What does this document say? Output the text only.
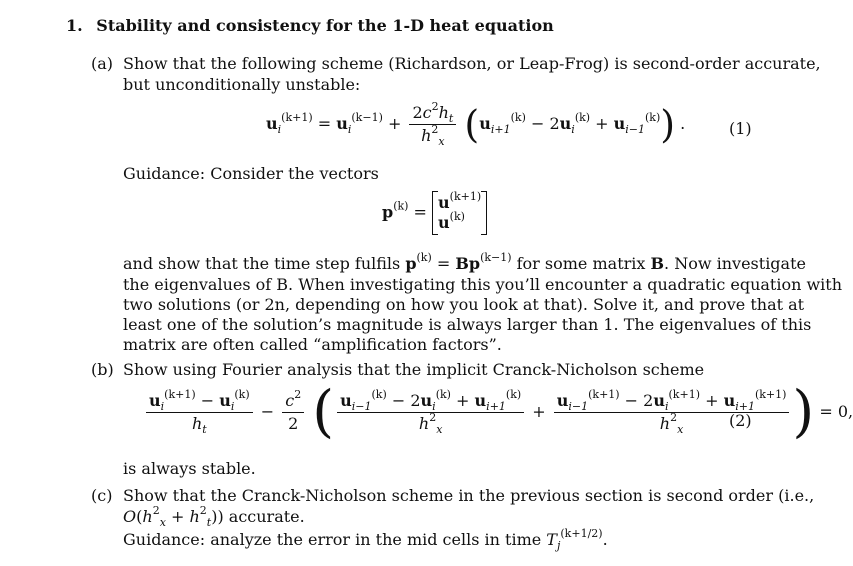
1. Stability and consistency for the 1-D heat equation
(a) Show that the following scheme (Richardson, or Leap-Frog) is second-order accurate,
but unconditionally unstable:
$u_i^{(k+1)} = u_i^{(k-1)} + \frac{2c^2h_t}{h^2_x} (u_{i+1}^{(k)} - 2u_i^{(k)} + u_{i-1}^{(k)})$ .	(1)
Guidance: Consider the vectors
$p^{(k)} = u^{(k+1)}$
$u^{(k)}$
and show that the time step fulfils $p^{(k)} = Bp^{(k-1)}$ for some matrix B. Now investigate
the eigenvalues of B. When investigating this you’ll encounter a quadratic equation with
two solutions (or 2n, depending on how you look at that). Solve it, and prove that at
least one of the solution’s magnitude is always larger than 1. The eigenvalues of this
matrix are often called “amplification factors”.
(b) Show using Fourier analysis that the implicit Cranck-Nicholson scheme
$\frac{u_i^{(k+1)} - u_i^{(k)}}{h_t} - \frac{c^2}{2}$ ( $\frac{u_{i-1}^{(k)} - 2u_i^{(k)} + u_{i+1}^{(k)}}{h^2_x} + \frac{u_{i-1}^{(k+1)} - 2u_i^{(k+1)} + u_{i+1}^{(k+1)}}{h^2_x}$ ) = 0,
(2)
is always stable.
(c) Show that the Cranck-Nicholson scheme in the previous section is second order (i.e.,
$O(h^2_x + h^2_t)$) accurate.
Guidance: analyze the error in the mid cells in time $T_j^{(k+1/2)}$.
